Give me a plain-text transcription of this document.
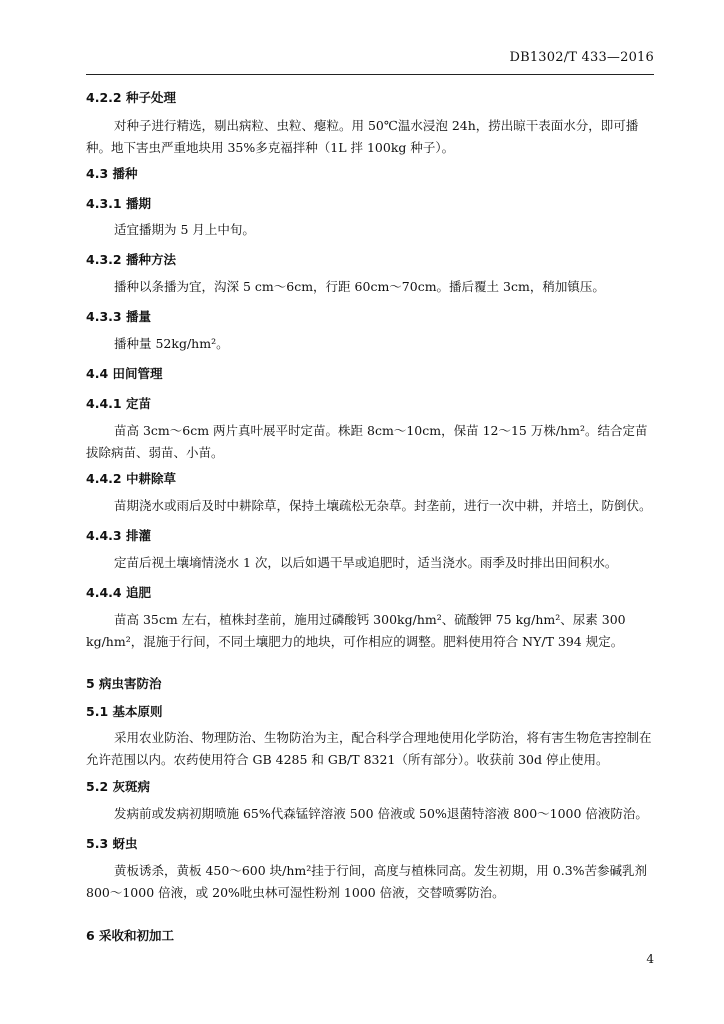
DB1302/T 433—2016
4.2.2 种子处理
对种子进行精选，剔出病粒、虫粒、瘪粒。用 50℃温水浸泡 24h，捞出晾干表面水分，即可播种。地下害虫严重地块用 35%多克福拌种（1L 拌 100kg 种子）。
4.3 播种
4.3.1 播期
适宜播期为 5 月上中旬。
4.3.2 播种方法
播种以条播为宜，沟深 5 cm～6cm，行距 60cm～70cm。播后覆土 3cm，稍加镇压。
4.3.3 播量
播种量 52kg/hm²。
4.4 田间管理
4.4.1 定苗
苗高 3cm～6cm 两片真叶展平时定苗。株距 8cm～10cm，保苗 12～15 万株/hm²。结合定苗拔除病苗、弱苗、小苗。
4.4.2 中耕除草
苗期浇水或雨后及时中耕除草，保持土壤疏松无杂草。封垄前，进行一次中耕，并培土，防倒伏。
4.4.3 排灌
定苗后视土壤墒情浇水 1 次，以后如遇干旱或追肥时，适当浇水。雨季及时排出田间积水。
4.4.4 追肥
苗高 35cm 左右，植株封垄前，施用过磷酸钙 300kg/hm²、硫酸钾 75 kg/hm²、尿素 300 kg/hm²，混施于行间，不同土壤肥力的地块，可作相应的调整。肥料使用符合 NY/T 394 规定。
5 病虫害防治
5.1 基本原则
采用农业防治、物理防治、生物防治为主，配合科学合理地使用化学防治，将有害生物危害控制在允许范围以内。农药使用符合 GB 4285 和 GB/T 8321（所有部分）。收获前 30d 停止使用。
5.2 灰斑病
发病前或发病初期喷施 65%代森锰锌溶液 500 倍液或 50%退菌特溶液 800～1000 倍液防治。
5.3 蚜虫
黄板诱杀，黄板 450～600 块/hm²挂于行间，高度与植株同高。发生初期，用 0.3%苦参碱乳剂 800～1000 倍液，或 20%吡虫林可湿性粉剂 1000 倍液，交替喷雾防治。
6 采收和初加工
4
